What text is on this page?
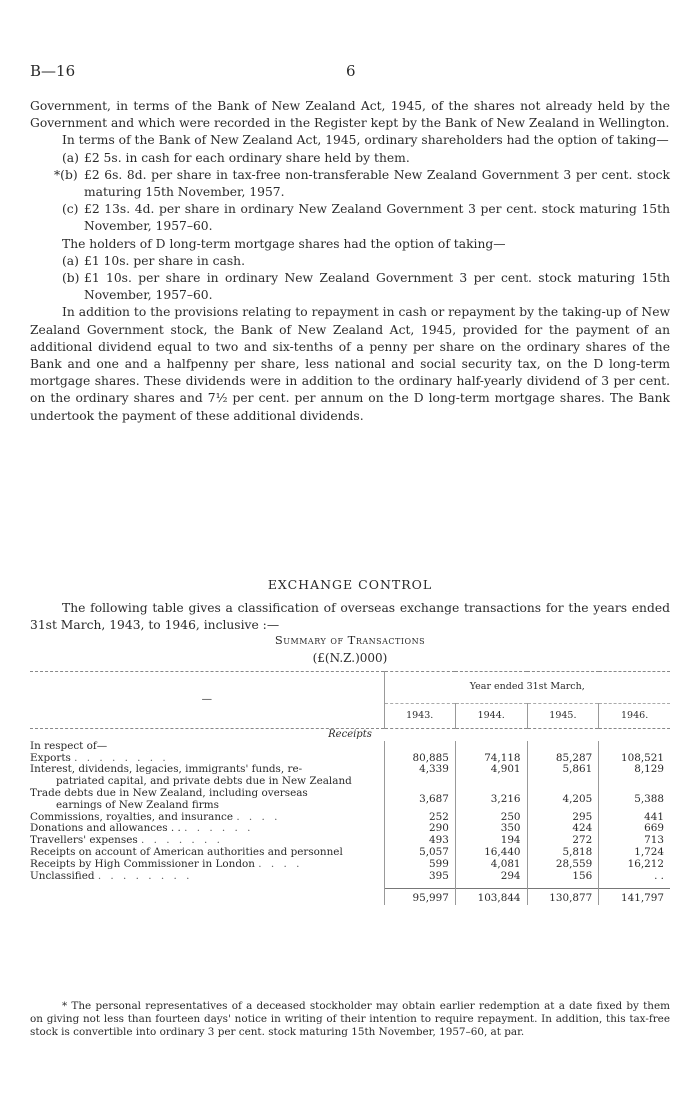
B—16	6

Government, in terms of the Bank of New Zealand Act, 1945, of the shares not already held by the Government and which were recorded in the Register kept by the Bank of New Zealand in Wellington.

In terms of the Bank of New Zealand Act, 1945, ordinary shareholders had the option of taking—

(a) £2 5s. in cash for each ordinary share held by them.

*(b) £2 6s. 8d. per share in tax-free non-transferable New Zealand Government 3 per cent. stock maturing 15th November, 1957.

(c) £2 13s. 4d. per share in ordinary New Zealand Government 3 per cent. stock maturing 15th November, 1957–60.

The holders of D long-term mortgage shares had the option of taking—

(a) £1 10s. per share in cash.

(b) £1 10s. per share in ordinary New Zealand Government 3 per cent. stock maturing 15th November, 1957–60.

In addition to the provisions relating to repayment in cash or repayment by the taking-up of New Zealand Government stock, the Bank of New Zealand Act, 1945, provided for the payment of an additional dividend equal to two and six-tenths of a penny per share on the ordinary shares of the Bank and one and a halfpenny per share, less national and social security tax, on the D long-term mortgage shares. These dividends were in addition to the ordinary half-yearly dividend of 3 per cent. on the ordinary shares and 7½ per cent. per annum on the D long-term mortgage shares. The Bank undertook the payment of these additional dividends.

EXCHANGE CONTROL

The following table gives a classification of overseas exchange transactions for the years ended 31st March, 1943, to 1946, inclusive :—

Summary of Transactions
(£(N.Z.)000)
—	Year ended 31st March,			
	1943.	1944.	1945.	1946.
Receipts				
In respect of—				
Exports . . . . . . . .	80,885	74,118	85,287	108,521
Interest, dividends, legacies, immigrants' funds, re-
patriated capital, and private debts due in New Zealand	4,339	4,901	5,861	8,129
Trade debts due in New Zealand, including overseas
earnings of New Zealand firms	3,687	3,216	4,205	5,388
Commissions, royalties, and insurance . . . .	252	250	295	441
Donations and allowances . . . . . . . .	290	350	424	669
Travellers' expenses . . . . . . .	493	194	272	713
Receipts on account of American authorities and personnel	5,057	16,440	5,818	1,724
Receipts by High Commissioner in London . . . .	599	4,081	28,559	16,212
Unclassified . . . . . . . .	395	294	156	. .
	95,997	103,844	130,877	141,797

* The personal representatives of a deceased stockholder may obtain earlier redemption at a date fixed by them on giving not less than fourteen days' notice in writing of their intention to require repayment. In addition, this tax-free stock is convertible into ordinary 3 per cent. stock maturing 15th November, 1957–60, at par.
